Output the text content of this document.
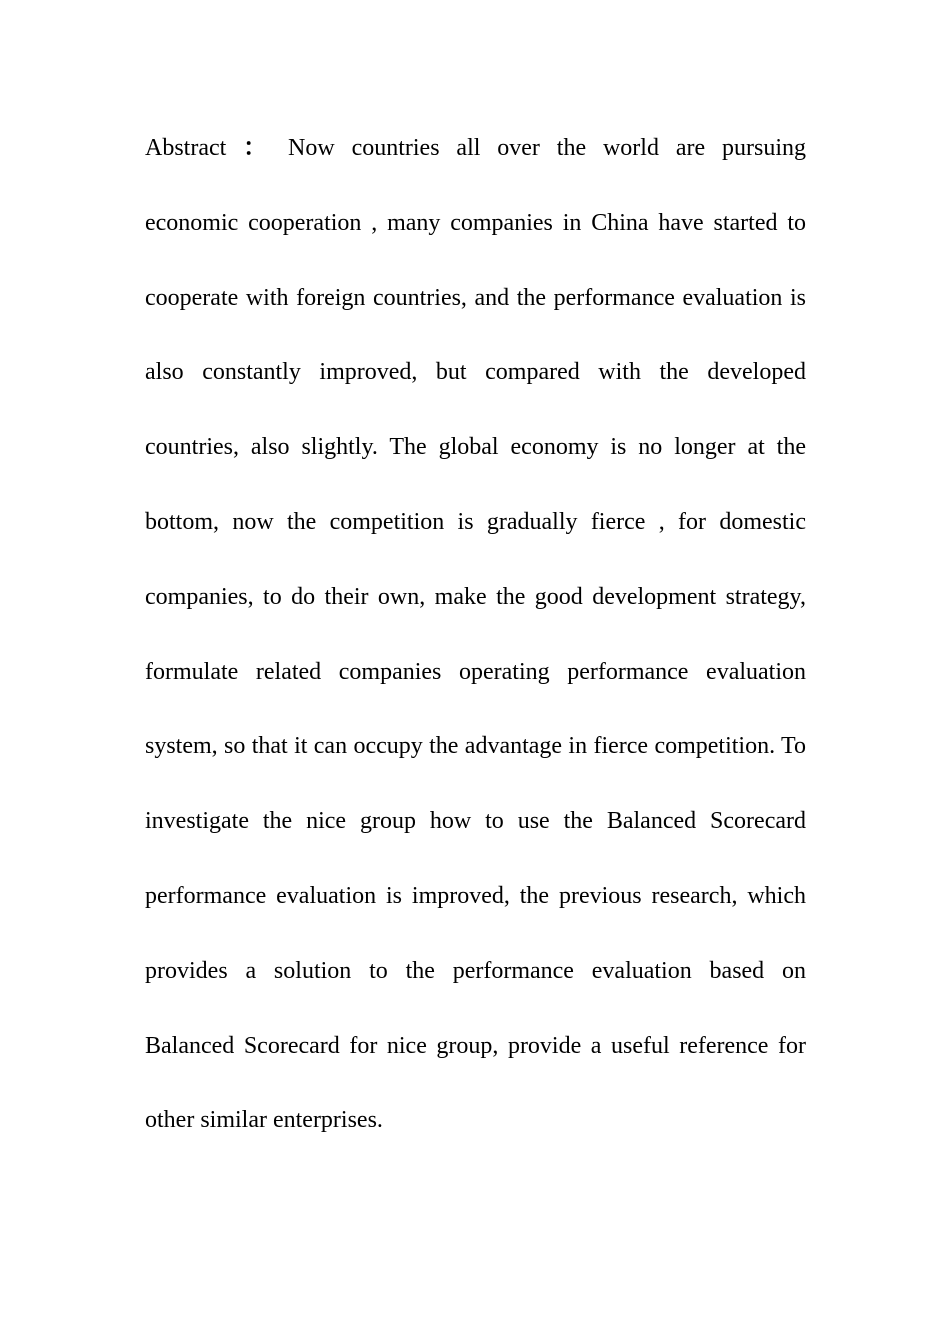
Abstract ： Now countries all over the world are pursuing economic cooperation , many companies in China have started to cooperate with foreign countries, and the performance evaluation is also constantly improved, but compared with the developed countries, also slightly. The global economy is no longer at the bottom, now the competition is gradually fierce , for domestic companies, to do their own, make the good development strategy, formulate related companies operating performance evaluation system, so that it can occupy the advantage in fierce competition. To investigate the nice group how to use the Balanced Scorecard performance evaluation is improved, the previous research, which provides a solution to the performance evaluation based on Balanced Scorecard for nice group, provide a useful reference for other similar enterprises.
